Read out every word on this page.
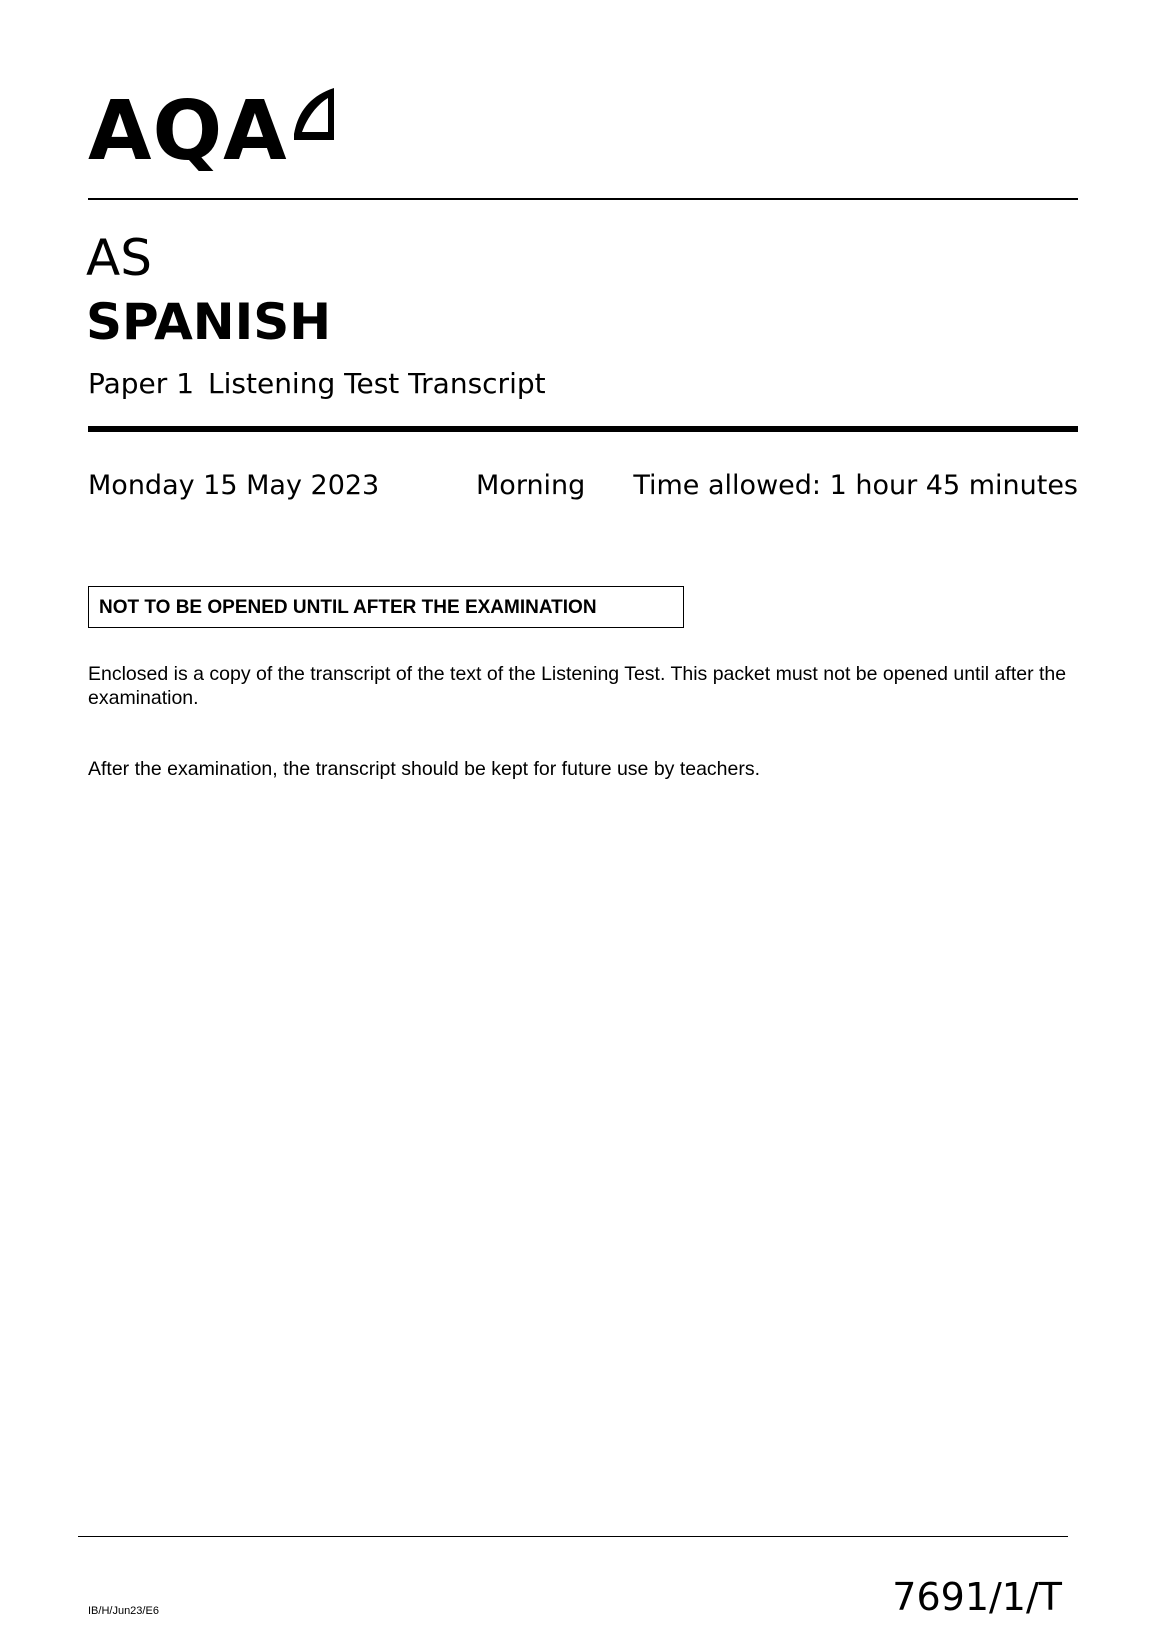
AQA
AS
SPANISH
Paper 1 Listening Test Transcript
Monday 15 May 2023	Morning Time allowed: 1 hour 45 minutes
NOT TO BE OPENED UNTIL AFTER THE EXAMINATION
Enclosed is a copy of the transcript of the text of the Listening Test. This packet must not be opened until after the examination.
After the examination, the transcript should be kept for future use by teachers.
IB/H/Jun23/E6	7691/1/T
